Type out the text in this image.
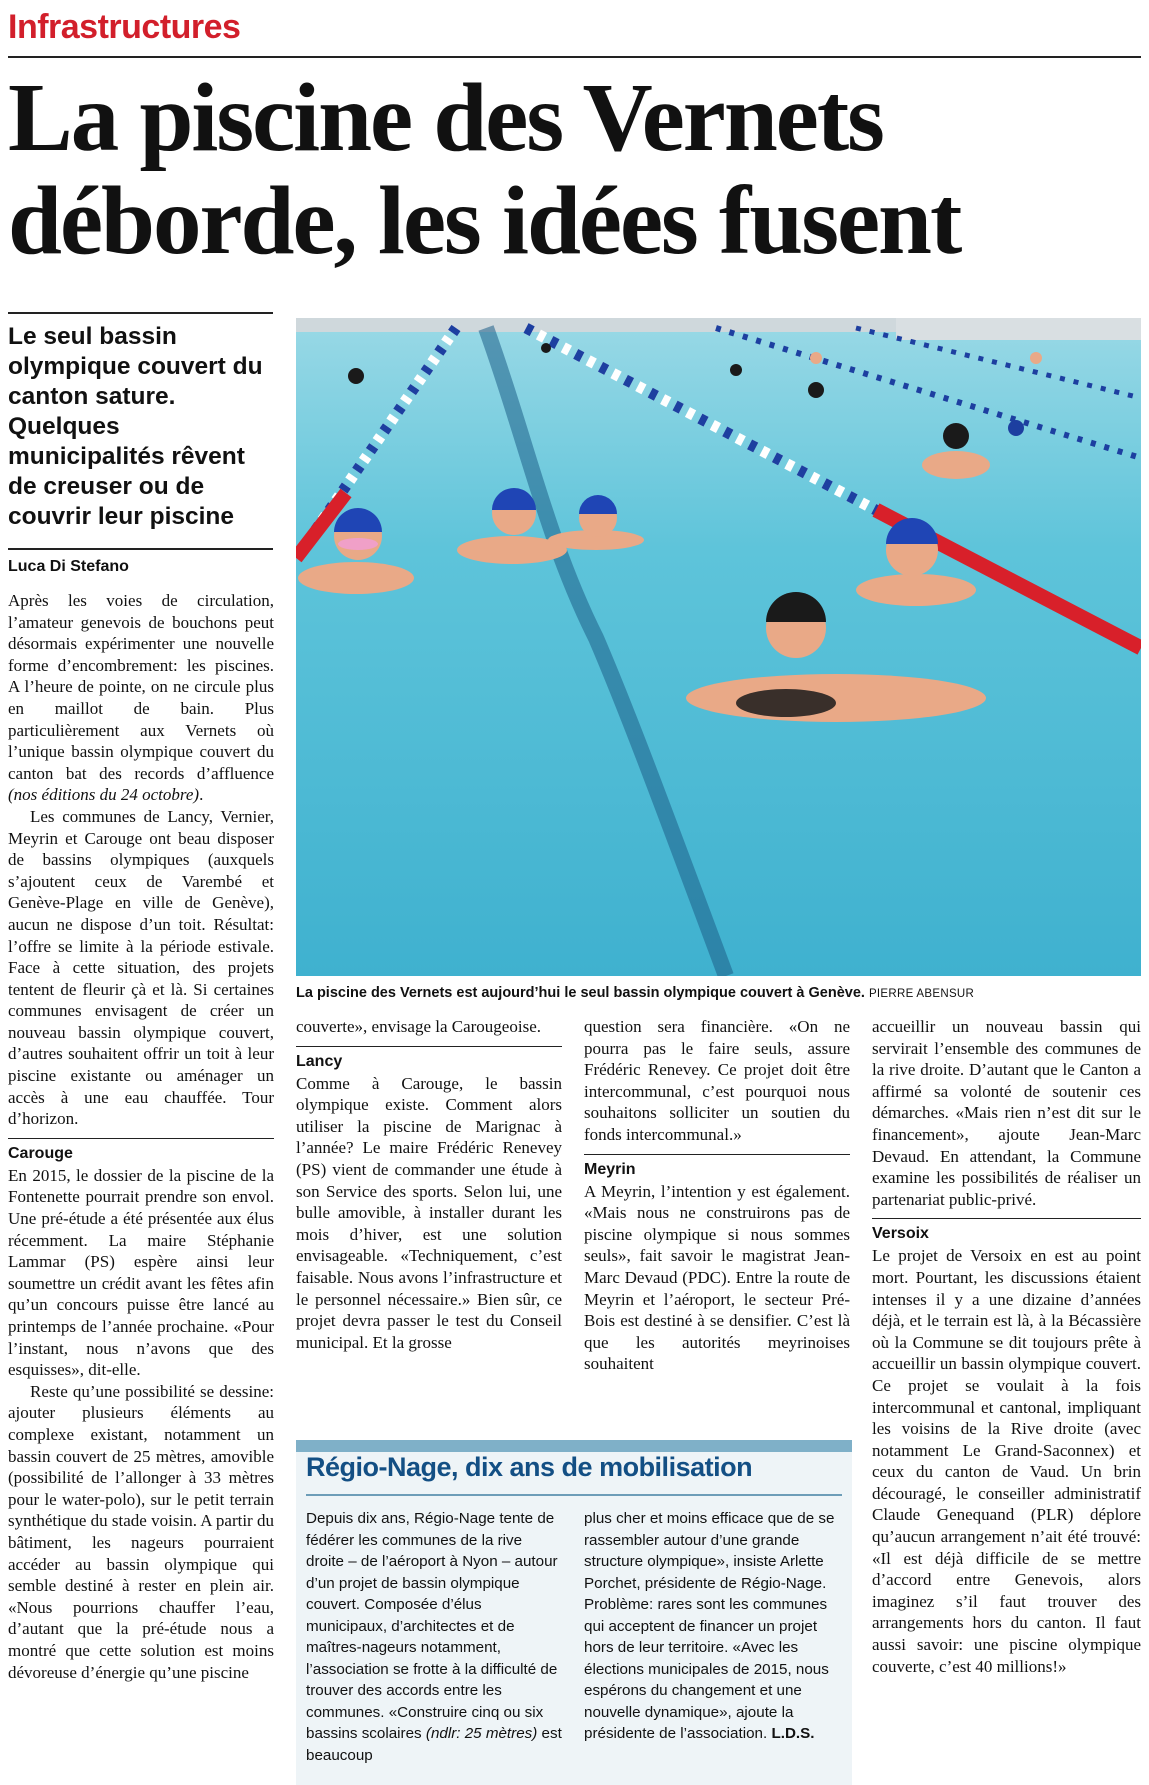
Infrastructures
La piscine des Vernets
déborde, les idées fusent
Le seul bassin olympique couvert du canton sature. Quelques municipalités rêvent de creuser ou de couvrir leur piscine
Luca Di Stefano

Après les voies de circulation, l’amateur genevois de bouchons peut désormais expérimenter une nouvelle forme d’encombrement: les piscines. A l’heure de pointe, on ne circule plus en maillot de bain. Plus particulièrement aux Vernets où l’unique bassin olympique couvert du canton bat des records d’affluence (nos éditions du 24 octobre).

Les communes de Lancy, Vernier, Meyrin et Carouge ont beau disposer de bassins olympiques (auxquels s’ajoutent ceux de Varembé et Genève-Plage en ville de Genève), aucun ne dispose d’un toit. Résultat: l’offre se limite à la période estivale. Face à cette situation, des projets tentent de fleurir çà et là. Si certaines communes envisagent de créer un nouveau bassin olympique couvert, d’autres souhaitent offrir un toit à leur piscine existante ou aménager un accès à une eau chauffée. Tour d’horizon.

Carouge

En 2015, le dossier de la piscine de la Fontenette pourrait prendre son envol. Une pré-étude a été présentée aux élus récemment. La maire Stéphanie Lammar (PS) espère ainsi leur soumettre un crédit avant les fêtes afin qu’un concours puisse être lancé au printemps de l’année prochaine. «Pour l’instant, nous n’avons que des esquisses», dit-elle.

Reste qu’une possibilité se dessine: ajouter plusieurs éléments au complexe existant, notamment un bassin couvert de 25 mètres, amovible (possibilité de l’allonger à 33 mètres pour le water-polo), sur le petit terrain synthétique du stade voisin. A partir du bâtiment, les nageurs pourraient accéder au bassin olympique qui semble destiné à rester en plein air. «Nous pourrions chauffer l’eau, d’autant que la pré-étude nous a montré que cette solution est moins dévoreuse d’énergie qu’une piscine

La piscine des Vernets est aujourd’hui le seul bassin olympique couvert à Genève. PIERRE ABENSUR

couverte», envisage la Carougeoise.

Lancy

Comme à Carouge, le bassin olympique existe. Comment alors utiliser la piscine de Marignac à l’année? Le maire Frédéric Renevey (PS) vient de commander une étude à son Service des sports. Selon lui, une bulle amovible, à installer durant les mois d’hiver, est une solution envisageable. «Techniquement, c’est faisable. Nous avons l’infrastructure et le personnel nécessaire.» Bien sûr, ce projet devra passer le test du Conseil municipal. Et la grosse

question sera financière. «On ne pourra pas le faire seuls, assure Frédéric Renevey. Ce projet doit être intercommunal, c’est pourquoi nous souhaitons solliciter un soutien du fonds intercommunal.»

Meyrin

A Meyrin, l’intention y est également. «Mais nous ne construirons pas de piscine olympique si nous sommes seuls», fait savoir le magistrat Jean-Marc Devaud (PDC). Entre la route de Meyrin et l’aéroport, le secteur Pré-Bois est destiné à se densifier. C’est là que les autorités meyrinoises souhaitent

accueillir un nouveau bassin qui servirait l’ensemble des communes de la rive droite. D’autant que le Canton a affirmé sa volonté de soutenir ces démarches. «Mais rien n’est dit sur le financement», ajoute Jean-Marc Devaud. En attendant, la Commune examine les possibilités de réaliser un partenariat public-privé.

Versoix

Le projet de Versoix en est au point mort. Pourtant, les discussions étaient intenses il y a une dizaine d’années déjà, et le terrain est là, à la Bécassière où la Commune se dit toujours prête à accueillir un bassin olympique couvert. Ce projet se voulait à la fois intercommunal et cantonal, impliquant les voisins de la Rive droite (avec notamment Le Grand-Saconnex) et ceux du canton de Vaud. Un brin découragé, le conseiller administratif Claude Genequand (PLR) déplore qu’aucun arrangement n’ait été trouvé: «Il est déjà difficile de se mettre d’accord entre Genevois, alors imaginez s’il faut trouver des arrangements hors du canton. Il faut aussi savoir: une piscine olympique couverte, c’est 40 millions!»

Régio-Nage, dix ans de mobilisation
Depuis dix ans, Régio-Nage tente de fédérer les communes de la rive droite – de l’aéroport à Nyon – autour d’un projet de bassin olympique couvert. Composée d’élus municipaux, d’architectes et de maîtres-nageurs notamment, l’association se frotte à la difficulté de trouver des accords entre les communes. «Construire cinq ou six bassins scolaires (ndlr: 25 mètres) est beaucoup
plus cher et moins efficace que de se rassembler autour d’une grande structure olympique», insiste Arlette Porchet, présidente de Régio-Nage. Problème: rares sont les communes qui acceptent de financer un projet hors de leur territoire. «Avec les élections municipales de 2015, nous espérons du changement et une nouvelle dynamique», ajoute la présidente de l’association. L.D.S.
